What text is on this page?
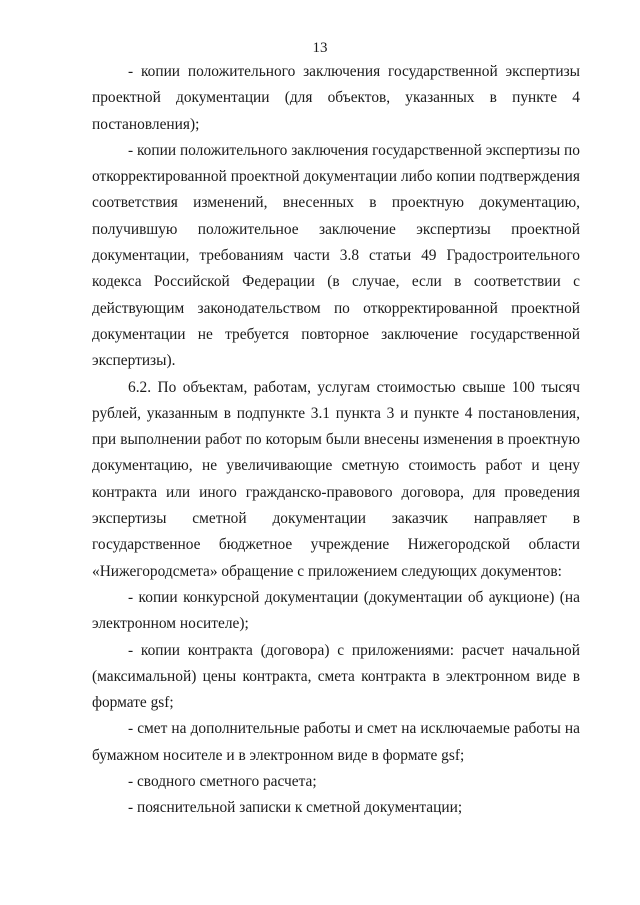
13

- копии положительного заключения государственной экспертизы проектной документации (для объектов, указанных в пункте 4 постановления);

- копии положительного заключения государственной экспертизы по откорректированной проектной документации либо копии подтверждения соответствия изменений, внесенных в проектную документацию, получившую положительное заключение экспертизы проектной документации, требованиям части 3.8 статьи 49 Градостроительного кодекса Российской Федерации (в случае, если в соответствии с действующим законодательством по откорректированной проектной документации не требуется повторное заключение государственной экспертизы).

6.2. По объектам, работам, услугам стоимостью свыше 100 тысяч рублей, указанным в подпункте 3.1 пункта 3 и пункте 4 постановления, при выполнении работ по которым были внесены изменения в проектную документацию, не увеличивающие сметную стоимость работ и цену контракта или иного гражданско-правового договора, для проведения экспертизы сметной документации заказчик направляет в государственное бюджетное учреждение Нижегородской области «Нижегородсмета» обращение с приложением следующих документов:

- копии конкурсной документации (документации об аукционе) (на электронном носителе);

- копии контракта (договора) с приложениями: расчет начальной (максимальной) цены контракта, смета контракта в электронном виде в формате gsf;

- смет на дополнительные работы и смет на исключаемые работы на бумажном носителе и в электронном виде в формате gsf;

- сводного сметного расчета;

- пояснительной записки к сметной документации;
